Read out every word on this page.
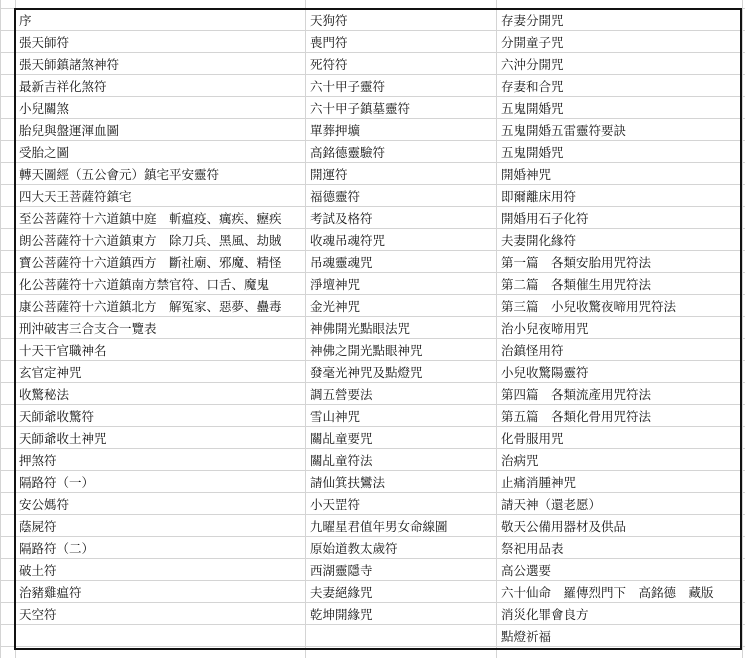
序
張天師符
張天師鎮諸煞神符
最新吉祥化煞符
小兒關煞
胎兒與盤運渾血圖
受胎之圖
轉天圖經（五公會元）鎮宅平安靈符
四大天王菩薩符鎮宅
至公菩薩符十六道鎮中庭　斬瘟疫、癘疾、癧疾
朗公菩薩符十六道鎮東方　除刀兵、黑風、劫賊
寶公菩薩符十六道鎮西方　斷社廟、邪魔、精怪
化公菩薩符十六道鎮南方禁官符、口舌、魔鬼
康公菩薩符十六道鎮北方　解冤家、惡夢、蠱毒
刑沖破害三合支合一覽表
十天干官職神名
玄官定神咒
收驚秘法
天師爺收驚符
天師爺收土神咒
押煞符
隔路符（一）
安公媽符
蔭屍符
隔路符（二）
破土符
治豬雞瘟符
天空符
天狗符
喪門符
死符符
六十甲子靈符
六十甲子鎮墓靈符
單葬押壙
高銘德靈驗符
開運符
福德靈符
考試及格符
收魂吊魂符咒
吊魂靈魂咒
淨壇神咒
金光神咒
神佛開光點眼法咒
神佛之開光點眼神咒
發毫光神咒及點燈咒
調五營要法
雪山神咒
關乩童要咒
關乩童符法
請仙箕扶鸞法
小天罡符
九曜星君值年男女命線圖
原始道教太歲符
西湖靈隱寺
夫妻絕緣咒
乾坤開緣咒
存妻分開咒
分開童子咒
六沖分開咒
存妻和合咒
五鬼開婚咒
五鬼開婚五雷靈符要訣
五鬼開婚咒
開婚神咒
即爾離床用符
開婚用石子化符
夫妻開化緣符
第一篇　各類安胎用咒符法
第二篇　各類催生用咒符法
第三篇　小兒收驚夜啼用咒符法
治小兒夜啼用咒
治鎮怪用符
小兒收驚陽靈符
第四篇　各類流產用咒符法
第五篇　各類化骨用咒符法
化骨服用咒
治病咒
止痛消腫神咒
請天神（還老愿）
敬天公備用器材及供品
祭祀用品表
高公選要
六十仙命　羅傳烈門下　高銘德　藏版
消災化罪會良方
點燈祈福
